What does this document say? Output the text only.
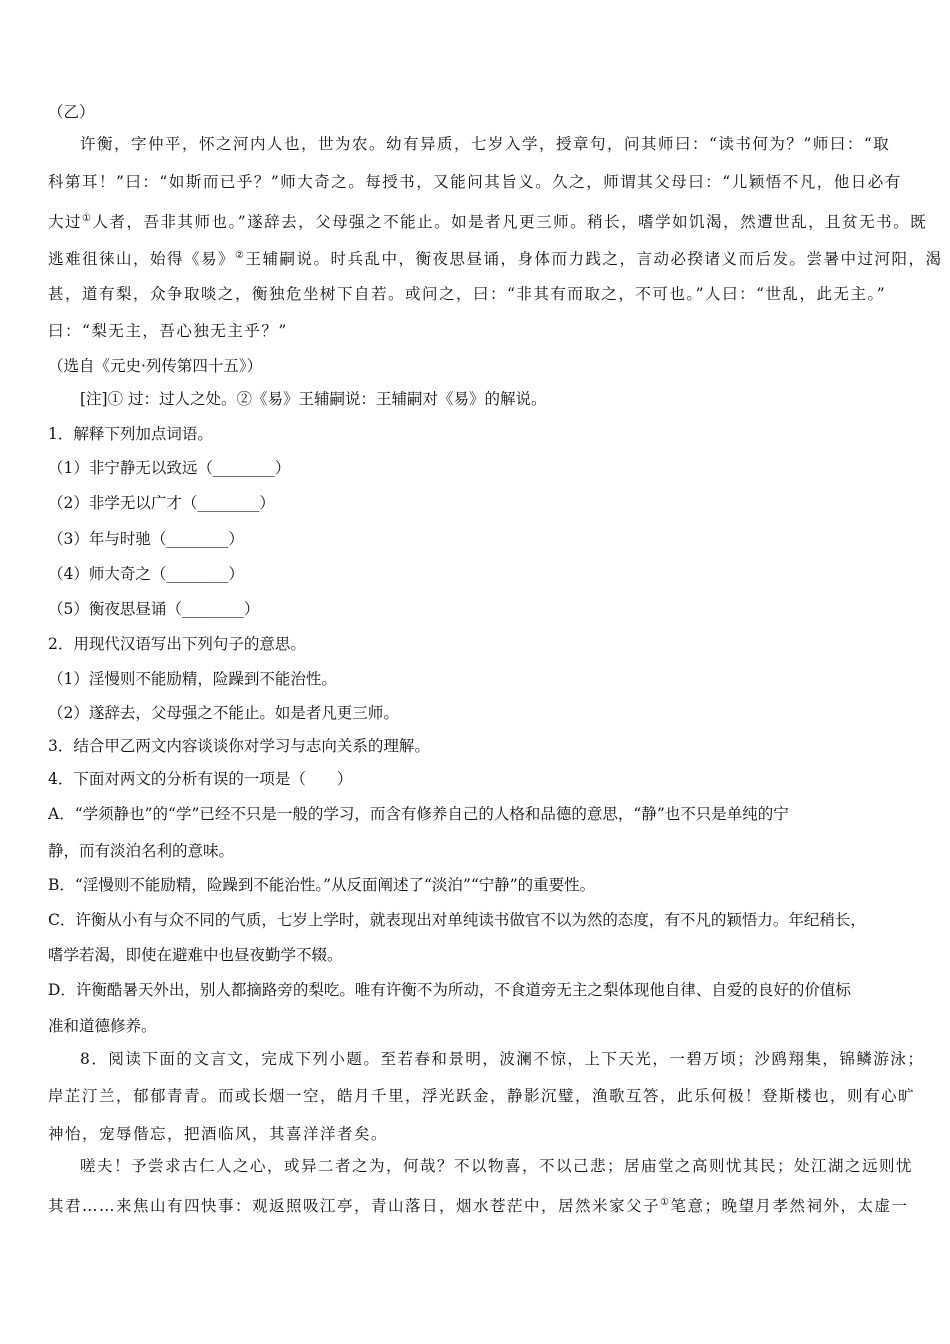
（乙）
许衡，字仲平，怀之河内人也，世为农。幼有异质，七岁入学，授章句，问其师曰：“读书何为？”师曰：“取
科第耳！”曰：“如斯而已乎？”师大奇之。每授书，又能问其旨义。久之，师谓其父母曰：“儿颖悟不凡，他日必有
大过①人者，吾非其师也。”遂辞去，父母强之不能止。如是者凡更三师。稍长，嗜学如饥渴，然遭世乱，且贫无书。既
逃难徂徕山，始得《易》②王辅嗣说。时兵乱中，衡夜思昼诵，身体而力践之，言动必揆诸义而后发。尝暑中过河阳，渴
甚，道有梨，众争取啖之，衡独危坐树下自若。或问之，曰：“非其有而取之，不可也。”人曰：“世乱，此无主。”
曰：“梨无主，吾心独无主乎？”
（选自《元史·列传第四十五》）
[注]① 过：过人之处。②《易》王辅嗣说：王辅嗣对《易》的解说。
1．解释下列加点词语。
（1）非宁静无以致远（________）
（2）非学无以广才（________）
（3）年与时驰（________）
（4）师大奇之（________）
（5）衡夜思昼诵（________）
2．用现代汉语写出下列句子的意思。
（1）淫慢则不能励精，险躁到不能治性。
（2）遂辞去，父母强之不能止。如是者凡更三师。
3．结合甲乙两文内容谈谈你对学习与志向关系的理解。
4．下面对两文的分析有误的一项是（　　）
A．“学须静也”的“学”已经不只是一般的学习，而含有修养自己的人格和品德的意思，“静”也不只是单纯的宁
静，而有淡泊名利的意味。
B．“淫慢则不能励精，险躁到不能治性。”从反面阐述了“淡泊”“宁静”的重要性。
C．许衡从小有与众不同的气质，七岁上学时，就表现出对单纯读书做官不以为然的态度，有不凡的颖悟力。年纪稍长，
嗜学若渴，即使在避难中也昼夜勤学不辍。
D．许衡酷暑天外出，别人都摘路旁的梨吃。唯有许衡不为所动，不食道旁无主之梨体现他自律、自爱的良好的价值标
准和道德修养。
8．阅读下面的文言文，完成下列小题。至若春和景明，波澜不惊，上下天光，一碧万顷；沙鸥翔集，锦鳞游泳；
岸芷汀兰，郁郁青青。而或长烟一空，皓月千里，浮光跃金，静影沉璧，渔歌互答，此乐何极！登斯楼也，则有心旷
神怡，宠辱偕忘，把酒临风，其喜洋洋者矣。
嗟夫！予尝求古仁人之心，或异二者之为，何哉？不以物喜，不以己悲；居庙堂之高则忧其民；处江湖之远则忧
其君……来焦山有四快事：观返照吸江亭，青山落日，烟水苍茫中，居然米家父子①笔意；晚望月孝然祠外，太虚一
